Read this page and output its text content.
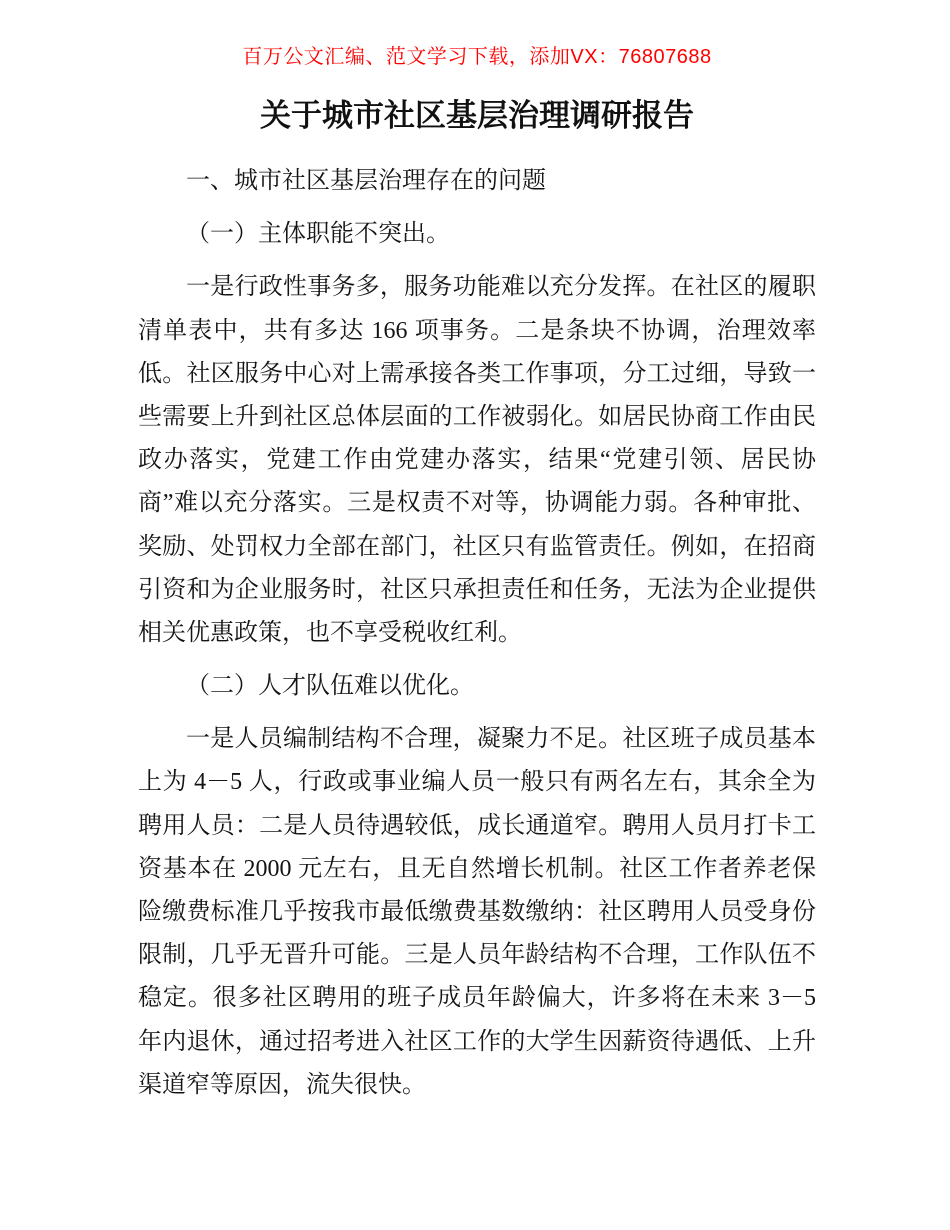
百万公文汇编、范文学习下载，添加VX：76807688
关于城市社区基层治理调研报告

一、城市社区基层治理存在的问题

（一）主体职能不突出。

一是行政性事务多，服务功能难以充分发挥。在社区的履职清单表中，共有多达 166 项事务。二是条块不协调，治理效率低。社区服务中心对上需承接各类工作事项，分工过细，导致一些需要上升到社区总体层面的工作被弱化。如居民协商工作由民政办落实，党建工作由党建办落实，结果“党建引领、居民协商”难以充分落实。三是权责不对等，协调能力弱。各种审批、奖励、处罚权力全部在部门，社区只有监管责任。例如，在招商引资和为企业服务时，社区只承担责任和任务，无法为企业提供相关优惠政策，也不享受税收红利。

（二）人才队伍难以优化。

一是人员编制结构不合理，凝聚力不足。社区班子成员基本上为 4－5 人，行政或事业编人员一般只有两名左右，其余全为聘用人员：二是人员待遇较低，成长通道窄。聘用人员月打卡工资基本在 2000 元左右，且无自然增长机制。社区工作者养老保险缴费标准几乎按我市最低缴费基数缴纳：社区聘用人员受身份限制，几乎无晋升可能。三是人员年龄结构不合理，工作队伍不稳定。很多社区聘用的班子成员年龄偏大，许多将在未来 3－5 年内退休，通过招考进入社区工作的大学生因薪资待遇低、上升渠道窄等原因，流失很快。
